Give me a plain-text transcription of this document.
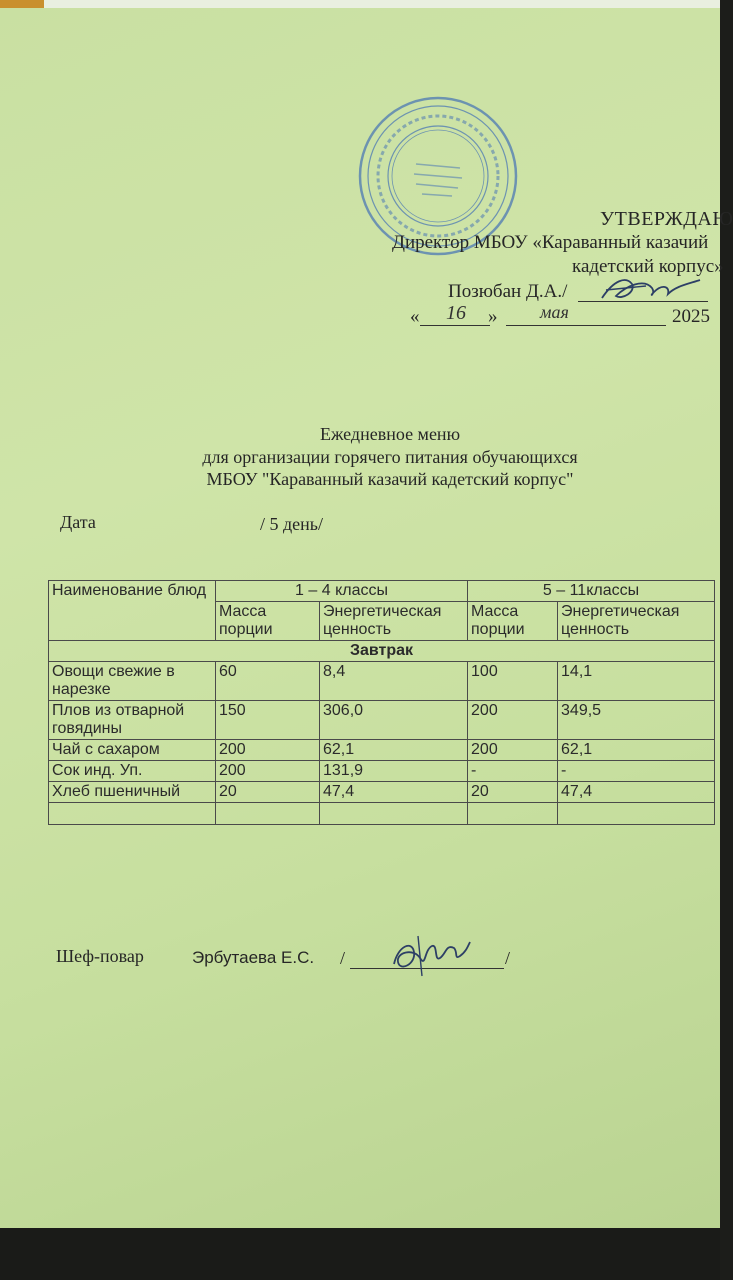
УТВЕРЖДАЮ
Директор МБОУ «Караванный казачий
кадетский корпус»
Позюбан Д.А./
« 16 » мая	2025
Ежедневное меню
для организации горячего питания обучающихся
МБОУ "Караванный казачий кадетский корпус"
Дата	/ 5 день/
Наименование блюд	1 – 4 классы		5 – 11классы	
	Масса порции	Энергетическая ценность	Масса порции	Энергетическая ценность
Завтрак				
Овощи свежие в нарезке	60	8,4	100	14,1
Плов из отварной говядины	150	306,0	200	349,5
Чай с сахаром	200	62,1	200	62,1
Сок инд. Уп.	200	131,9	-	-
Хлеб пшеничный	20	47,4	20	47,4

Шеф-повар	Эрбутаева Е.С. /	/
